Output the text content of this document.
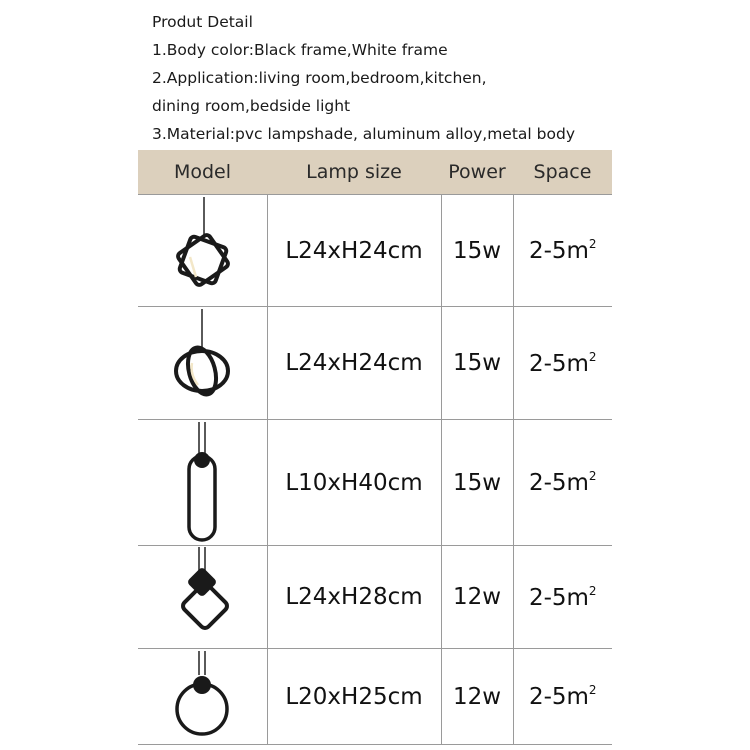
Produt Detail
1.Body color:Black frame,White frame
2.Application:living room,bedroom,kitchen,
dining room,bedside light
3.Material:pvc lampshade, aluminum alloy,metal body
Model	Lamp size	Power	Space

	L24xH24cm	15w	$2-5m^2$

	L24xH24cm	15w	$2-5m^2$

	L10xH40cm	15w	$2-5m^2$

	L24xH28cm	12w	$2-5m^2$

	L20xH25cm	12w	$2-5m^2$
